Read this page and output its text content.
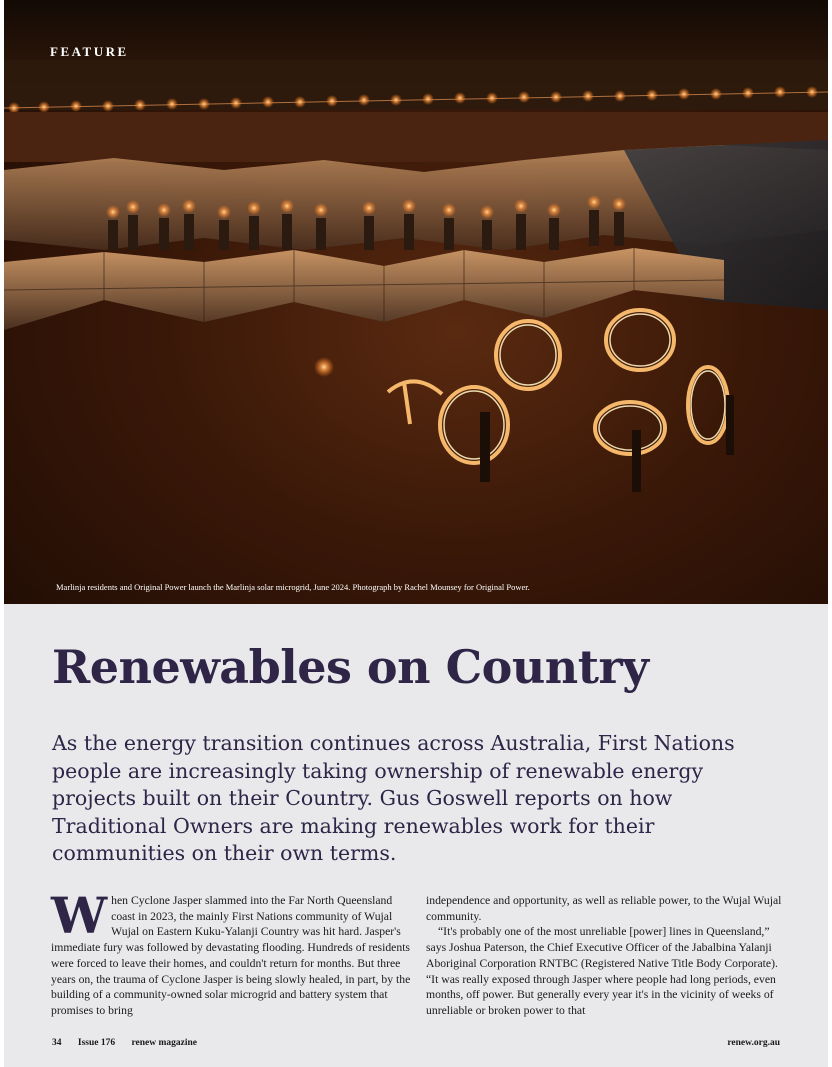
FEATURE
Marlinja residents and Original Power launch the Marlinja solar microgrid, June 2024. Photograph by Rachel Mounsey for Original Power.
Renewables on Country

As the energy transition continues across Australia, First Nations people are increasingly taking ownership of renewable energy projects built on their Country. Gus Goswell reports on how Traditional Owners are making renewables work for their communities on their own terms.

W hen Cyclone Jasper slammed into the Far North Queensland coast in 2023, the mainly First Nations community of Wujal Wujal on Eastern Kuku-Yalanji Country was hit hard. Jasper's immediate fury was followed by devastating flooding. Hundreds of residents were forced to leave their homes, and couldn't return for months. But three years on, the trauma of Cyclone Jasper is being slowly healed, in part, by the building of a community-owned solar microgrid and battery system that promises to bring

independence and opportunity, as well as reliable power, to the Wujal Wujal community.

“It's probably one of the most unreliable [power] lines in Queensland,” says Joshua Paterson, the Chief Executive Officer of the Jabalbina Yalanji Aboriginal Corporation RNTBC (Registered Native Title Body Corporate). “It was really exposed through Jasper where people had long periods, even months, off power. But generally every year it's in the vicinity of weeks of unreliable or broken power to that

34 Issue 176 renew magazine	renew.org.au
